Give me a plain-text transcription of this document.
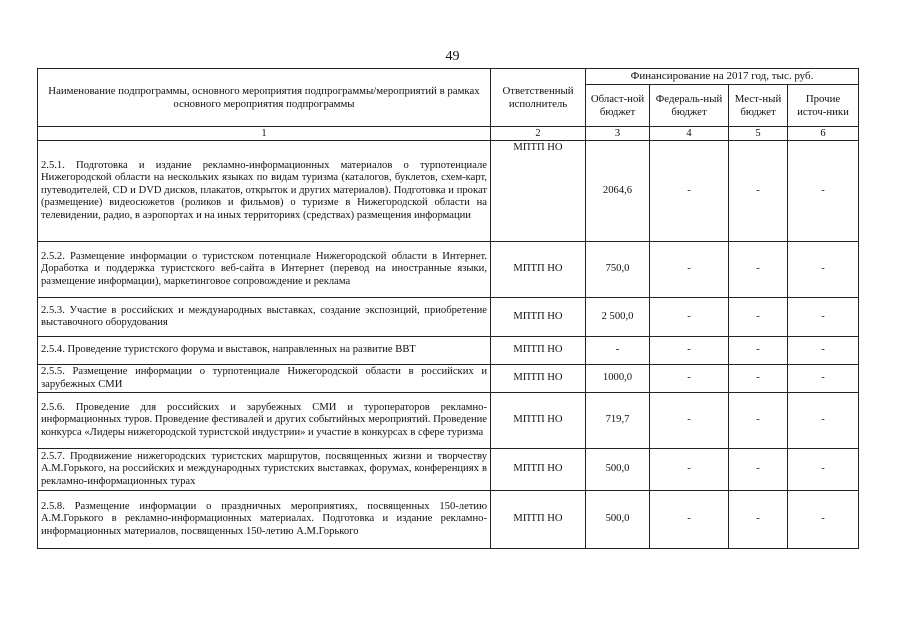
49
Наименование подпрограммы, основного мероприятия подпрограммы/мероприятий в рамках основного мероприятия подпрограммы	Ответственный исполнитель	Финансирование на 2017 год, тыс. руб.			
		Област-ной бюджет	Федераль-ный бюджет	Мест-ный бюджет	Прочие источ-ники
1	2	3	4	5	6
2.5.1. Подготовка и издание рекламно-информационных материалов о турпотенциале Нижегородской области на нескольких языках по видам туризма (каталогов, буклетов, схем-карт, путеводителей, CD и DVD дисков, плакатов, открыток и других материалов). Подготовка и прокат (размещение) видеосюжетов (роликов и фильмов) о туризме в Нижегородской области на телевидении, радио, в аэропортах и на иных территориях (средствах) размещения информации	МПТП НО	2064,6	-	-	-
2.5.2. Размещение информации о туристском потенциале Нижегородской области в Интернет. Доработка и поддержка туристского веб-сайта в Интернет (перевод на иностранные языки, размещение информации), маркетинговое сопровождение и реклама	МПТП НО	750,0	-	-	-
2.5.3. Участие в российских и международных выставках, создание экспозиций, приобретение выставочного оборудования	МПТП НО	2 500,0	-	-	-
2.5.4. Проведение туристского форума и выставок, направленных на развитие ВВТ	МПТП НО	-	-	-	-
2.5.5. Размещение информации о турпотенциале Нижегородской области в российских и зарубежных СМИ	МПТП НО	1000,0	-	-	-
2.5.6. Проведение для российских и зарубежных СМИ и туроператоров рекламно-информационных туров. Проведение фестивалей и других событийных мероприятий. Проведение конкурса «Лидеры нижегородской туристской индустрии» и участие в конкурсах в сфере туризма	МПТП НО	719,7	-	-	-
2.5.7. Продвижение нижегородских туристских маршрутов, посвященных жизни и творчеству А.М.Горького, на российских и международных туристских выставках, форумах, конференциях в рекламно-информационных турах	МПТП НО	500,0	-	-	-
2.5.8. Размещение информации о праздничных мероприятиях, посвященных 150-летию А.М.Горького в рекламно-информационных материалах. Подготовка и издание рекламно-информационных материалов, посвященных 150-летию А.М.Горького	МПТП НО	500,0	-	-	-
